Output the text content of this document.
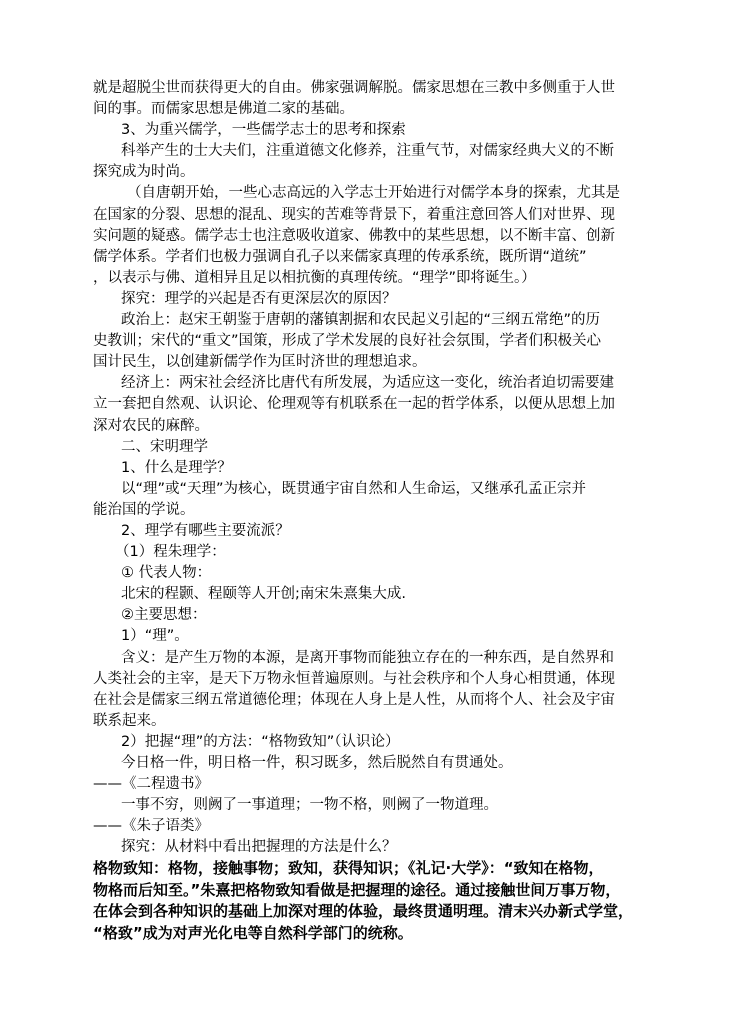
就是超脱尘世而获得更大的自由。佛家强调解脱。儒家思想在三教中多侧重于人世
间的事。而儒家思想是佛道二家的基础。
3、为重兴儒学，一些儒学志士的思考和探索
科举产生的士大夫们，注重道德文化修养，注重气节，对儒家经典大义的不断
探究成为时尚。
（自唐朝开始，一些心志高远的入学志士开始进行对儒学本身的探索，尤其是
在国家的分裂、思想的混乱、现实的苦难等背景下，着重注意回答人们对世界、现
实问题的疑惑。儒学志士也注意吸收道家、佛教中的某些思想，以不断丰富、创新
儒学体系。学者们也极力强调自孔子以来儒家真理的传承系统，既所谓“道统”
，以表示与佛、道相异且足以相抗衡的真理传统。“理学”即将诞生。）
探究：理学的兴起是否有更深层次的原因？
政治上：赵宋王朝鉴于唐朝的藩镇割据和农民起义引起的“三纲五常绝”的历
史教训；宋代的“重文”国策，形成了学术发展的良好社会氛围，学者们积极关心
国计民生，以创建新儒学作为匡时济世的理想追求。
经济上：两宋社会经济比唐代有所发展，为适应这一变化，统治者迫切需要建
立一套把自然观、认识论、伦理观等有机联系在一起的哲学体系，以便从思想上加
深对农民的麻醉。
二、宋明理学
1、什么是理学？
以“理”或“天理”为核心，既贯通宇宙自然和人生命运，又继承孔孟正宗并
能治国的学说。
2、理学有哪些主要流派？
（1）程朱理学：
① 代表人物：
北宋的程颢、程颐等人开创;南宋朱熹集大成.
②主要思想：
1）“理”。
含义：是产生万物的本源，是离开事物而能独立存在的一种东西，是自然界和
人类社会的主宰，是天下万物永恒普遍原则。与社会秩序和个人身心相贯通，体现
在社会是儒家三纲五常道德伦理；体现在人身上是人性，从而将个人、社会及宇宙
联系起来。
2）把握“理”的方法：“格物致知”（认识论）
今日格一件，明日格一件，积习既多，然后脱然自有贯通处。
——《二程遗书》
一事不穷，则阙了一事道理；一物不格，则阙了一物道理。
——《朱子语类》
探究：从材料中看出把握理的方法是什么？
格物致知：格物，接触事物；致知，获得知识；《礼记·大学》：“致知在格物，
物格而后知至。”朱熹把格物致知看做是把握理的途径。通过接触世间万事万物，
在体会到各种知识的基础上加深对理的体验，最终贯通明理。清末兴办新式学堂，
“格致”成为对声光化电等自然科学部门的统称。
